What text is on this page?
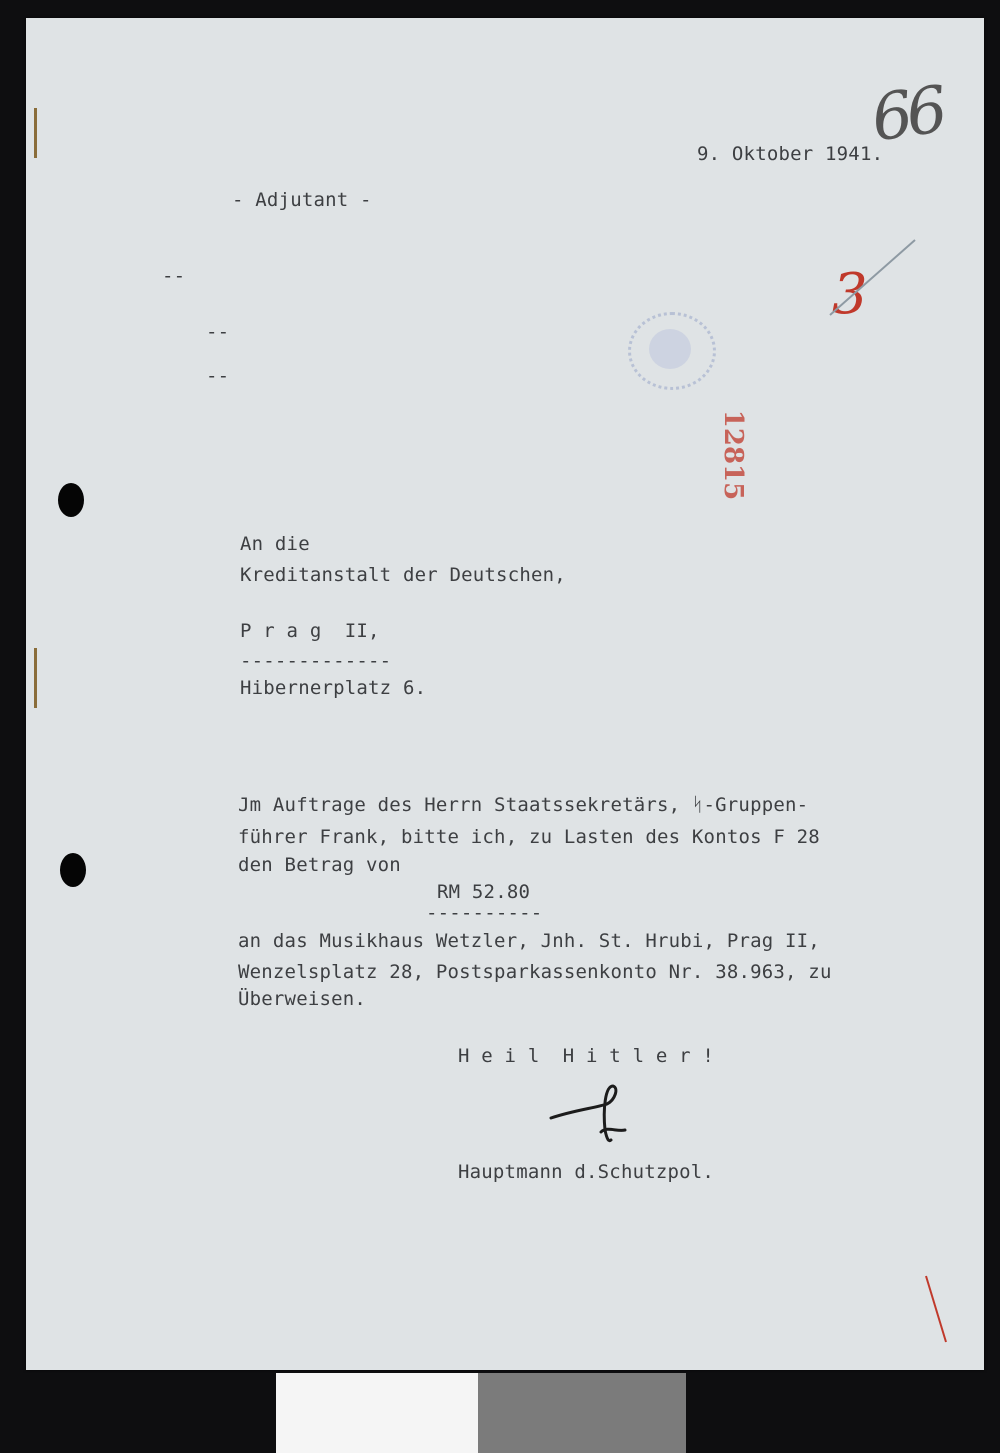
66
9. Oktober 1941.
- Adjutant -
--
--
--
3
12815
An die
Kreditanstalt der Deutschen,
P r a g  II,
-------------
Hibernerplatz 6.
Jm Auftrage des Herrn Staatssekretärs, ᛋ-Gruppen-
führer Frank, bitte ich, zu Lasten des Kontos F 28
den Betrag von
RM 52.80
----------
an das Musikhaus Wetzler, Jnh. St. Hrubi, Prag II,
Wenzelsplatz 28, Postsparkassenkonto Nr. 38.963, zu
Überweisen.
H e i l  H i t l e r !
Hauptmann d.Schutzpol.
